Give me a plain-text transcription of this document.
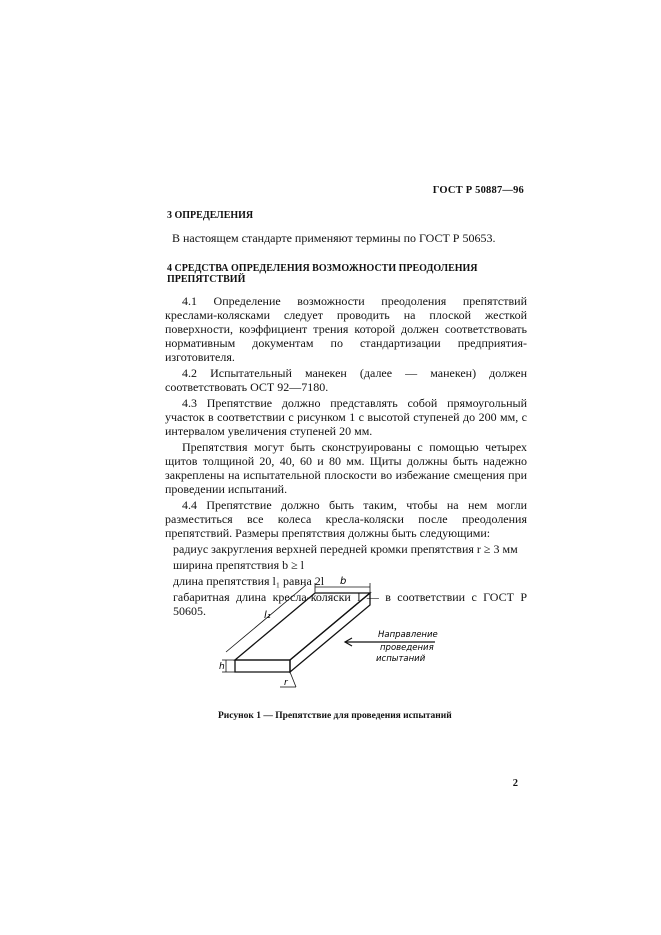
ГОСТ Р 50887—96
3 ОПРЕДЕЛЕНИЯ

В настоящем стандарте применяют термины по ГОСТ Р 50653.

4 СРЕДСТВА ОПРЕДЕЛЕНИЯ ВОЗМОЖНОСТИ ПРЕОДОЛЕНИЯ ПРЕПЯТСТВИЙ

4.1 Определение возможности преодоления препятствий креслами-колясками следует проводить на плоской жесткой поверхности, коэффициент трения которой должен соответствовать нормативным документам по стандартизации предприятия-изготовителя.

4.2 Испытательный манекен (далее — манекен) должен соответствовать ОСТ 92—7180.

4.3 Препятствие должно представлять собой прямоугольный участок в соответствии с рисунком 1 с высотой ступеней до 200 мм, с интервалом увеличения ступеней 20 мм.

Препятствия могут быть сконструированы с помощью четырех щитов толщиной 20, 40, 60 и 80 мм. Щиты должны быть надежно закреплены на испытательной плоскости во избежание смещения при проведении испытаний.

4.4 Препятствие должно быть таким, чтобы на нем могли разместиться все колеса кресла-коляски после преодоления препятствий. Размеры препятствия должны быть следующими:

радиус закругления верхней передней кромки препятствия r ≥ 3 мм

ширина препятствия b ≥ l

длина препятствия l₁ равна 2l

габаритная длина кресла-коляски l — в соответствии с ГОСТ Р 50605.

b
l₁
h
r
Направление
проведения
испытаний
Рисунок 1 — Препятствие для проведения испытаний
2
